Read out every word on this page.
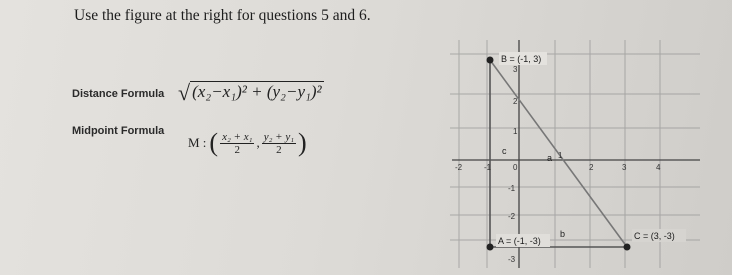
Use the figure at the right for questions 5 and 6.
Distance Formula √ (x₂−x₁)² + (y₂−y₁)²
Midpoint Formula
M : ( $\frac{\text{x₂ + x₁}}{2}$ , $\frac{\text{y₂ + y₁}}{2}$ )
-2	-1	0
1
2	3	4
3
2
1
-1
-2
-3
c
a
b
B = (-1, 3)
A = (-1, -3)	C = (3, -3)
